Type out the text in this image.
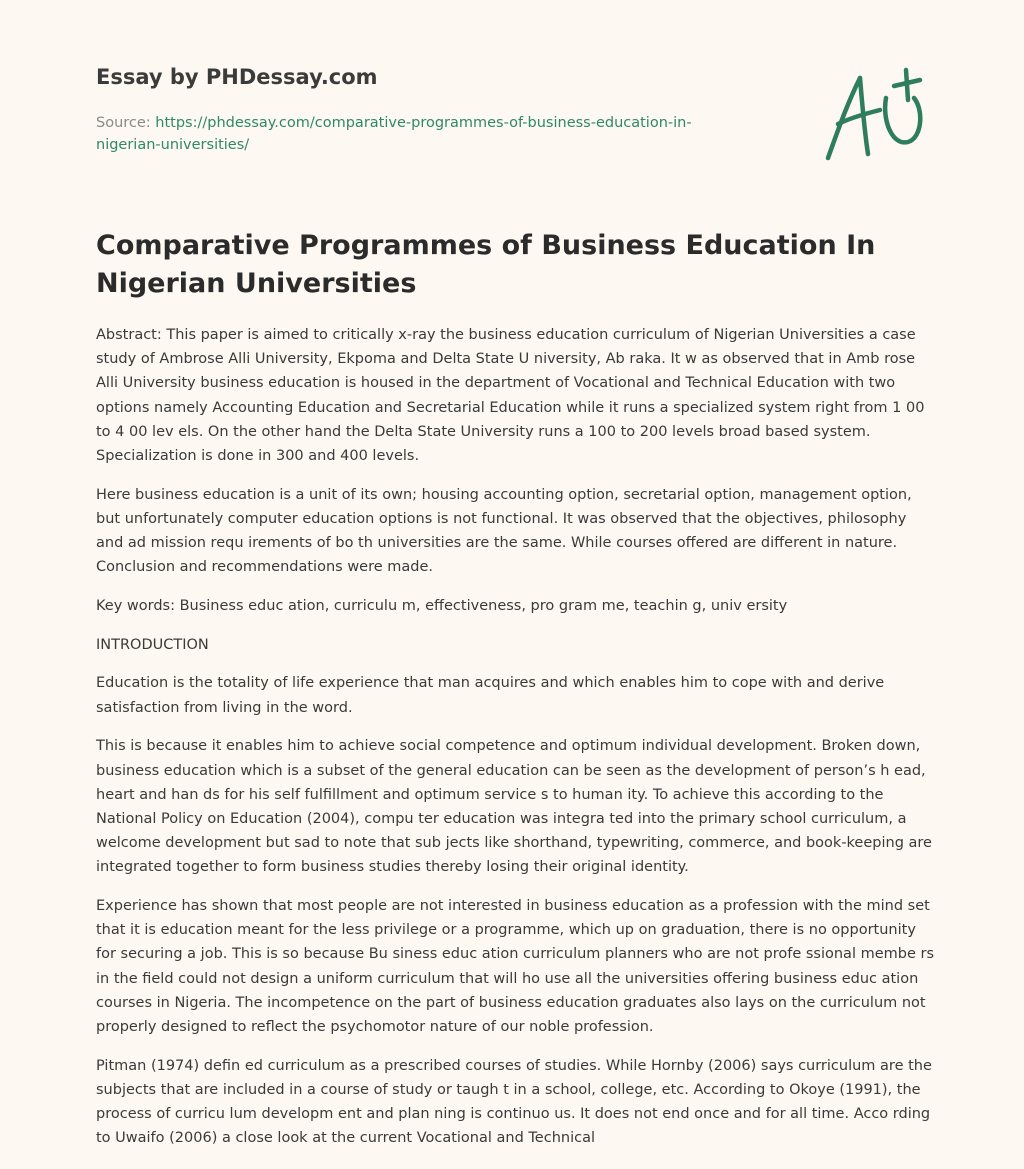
Essay by PHDessay.com
Source: https://phdessay.com/comparative-programmes-of-business-education-in-nigerian-universities/
Comparative Programmes of Business Education In Nigerian Universities

Abstract: This paper is aimed to critically x-ray the business education curriculum of Nigerian Universities a case study of Ambrose Alli University, Ekpoma and Delta State U niversity, Ab raka. It w as observed that in Amb rose Alli University business education is housed in the department of Vocational and Technical Education with two options namely Accounting Education and Secretarial Education while it runs a specialized system right from 1 00 to 4 00 lev els. On the other hand the Delta State University runs a 100 to 200 levels broad based system. Specialization is done in 300 and 400 levels.

Here business education is a unit of its own; housing accounting option, secretarial option, management option, but unfortunately computer education options is not functional. It was observed that the objectives, philosophy and ad mission requ irements of bo th universities are the same. While courses offered are different in nature. Conclusion and recommendations were made.

Key words: Business educ ation, curriculu m, effectiveness, pro gram me, teachin g, univ ersity

INTRODUCTION

Education is the totality of life experience that man acquires and which enables him to cope with and derive satisfaction from living in the word.

This is because it enables him to achieve social competence and optimum individual development. Broken down, business education which is a subset of the general education can be seen as the development of person’s h ead, heart and han ds for his self fulfillment and optimum service s to human ity. To achieve this according to the National Policy on Education (2004), compu ter education was integra ted into the primary school curriculum, a welcome development but sad to note that sub jects like shorthand, typewriting, commerce, and book-keeping are integrated together to form business studies thereby losing their original identity.

Experience has shown that most people are not interested in business education as a profession with the mind set that it is education meant for the less privilege or a programme, which up on graduation, there is no opportunity for securing a job. This is so because Bu siness educ ation curriculum planners who are not profe ssional membe rs in the field could not design a uniform curriculum that will ho use all the universities offering business educ ation courses in Nigeria. The incompetence on the part of business education graduates also lays on the curriculum not properly designed to reflect the psychomotor nature of our noble profession.

Pitman (1974) defin ed curriculum as a prescribed courses of studies. While Hornby (2006) says curriculum are the subjects that are included in a course of study or taugh t in a school, college, etc. According to Okoye (1991), the process of curricu lum developm ent and plan ning is continuo us. It does not end once and for all time. Acco rding to Uwaifo (2006) a close look at the current Vocational and Technical
